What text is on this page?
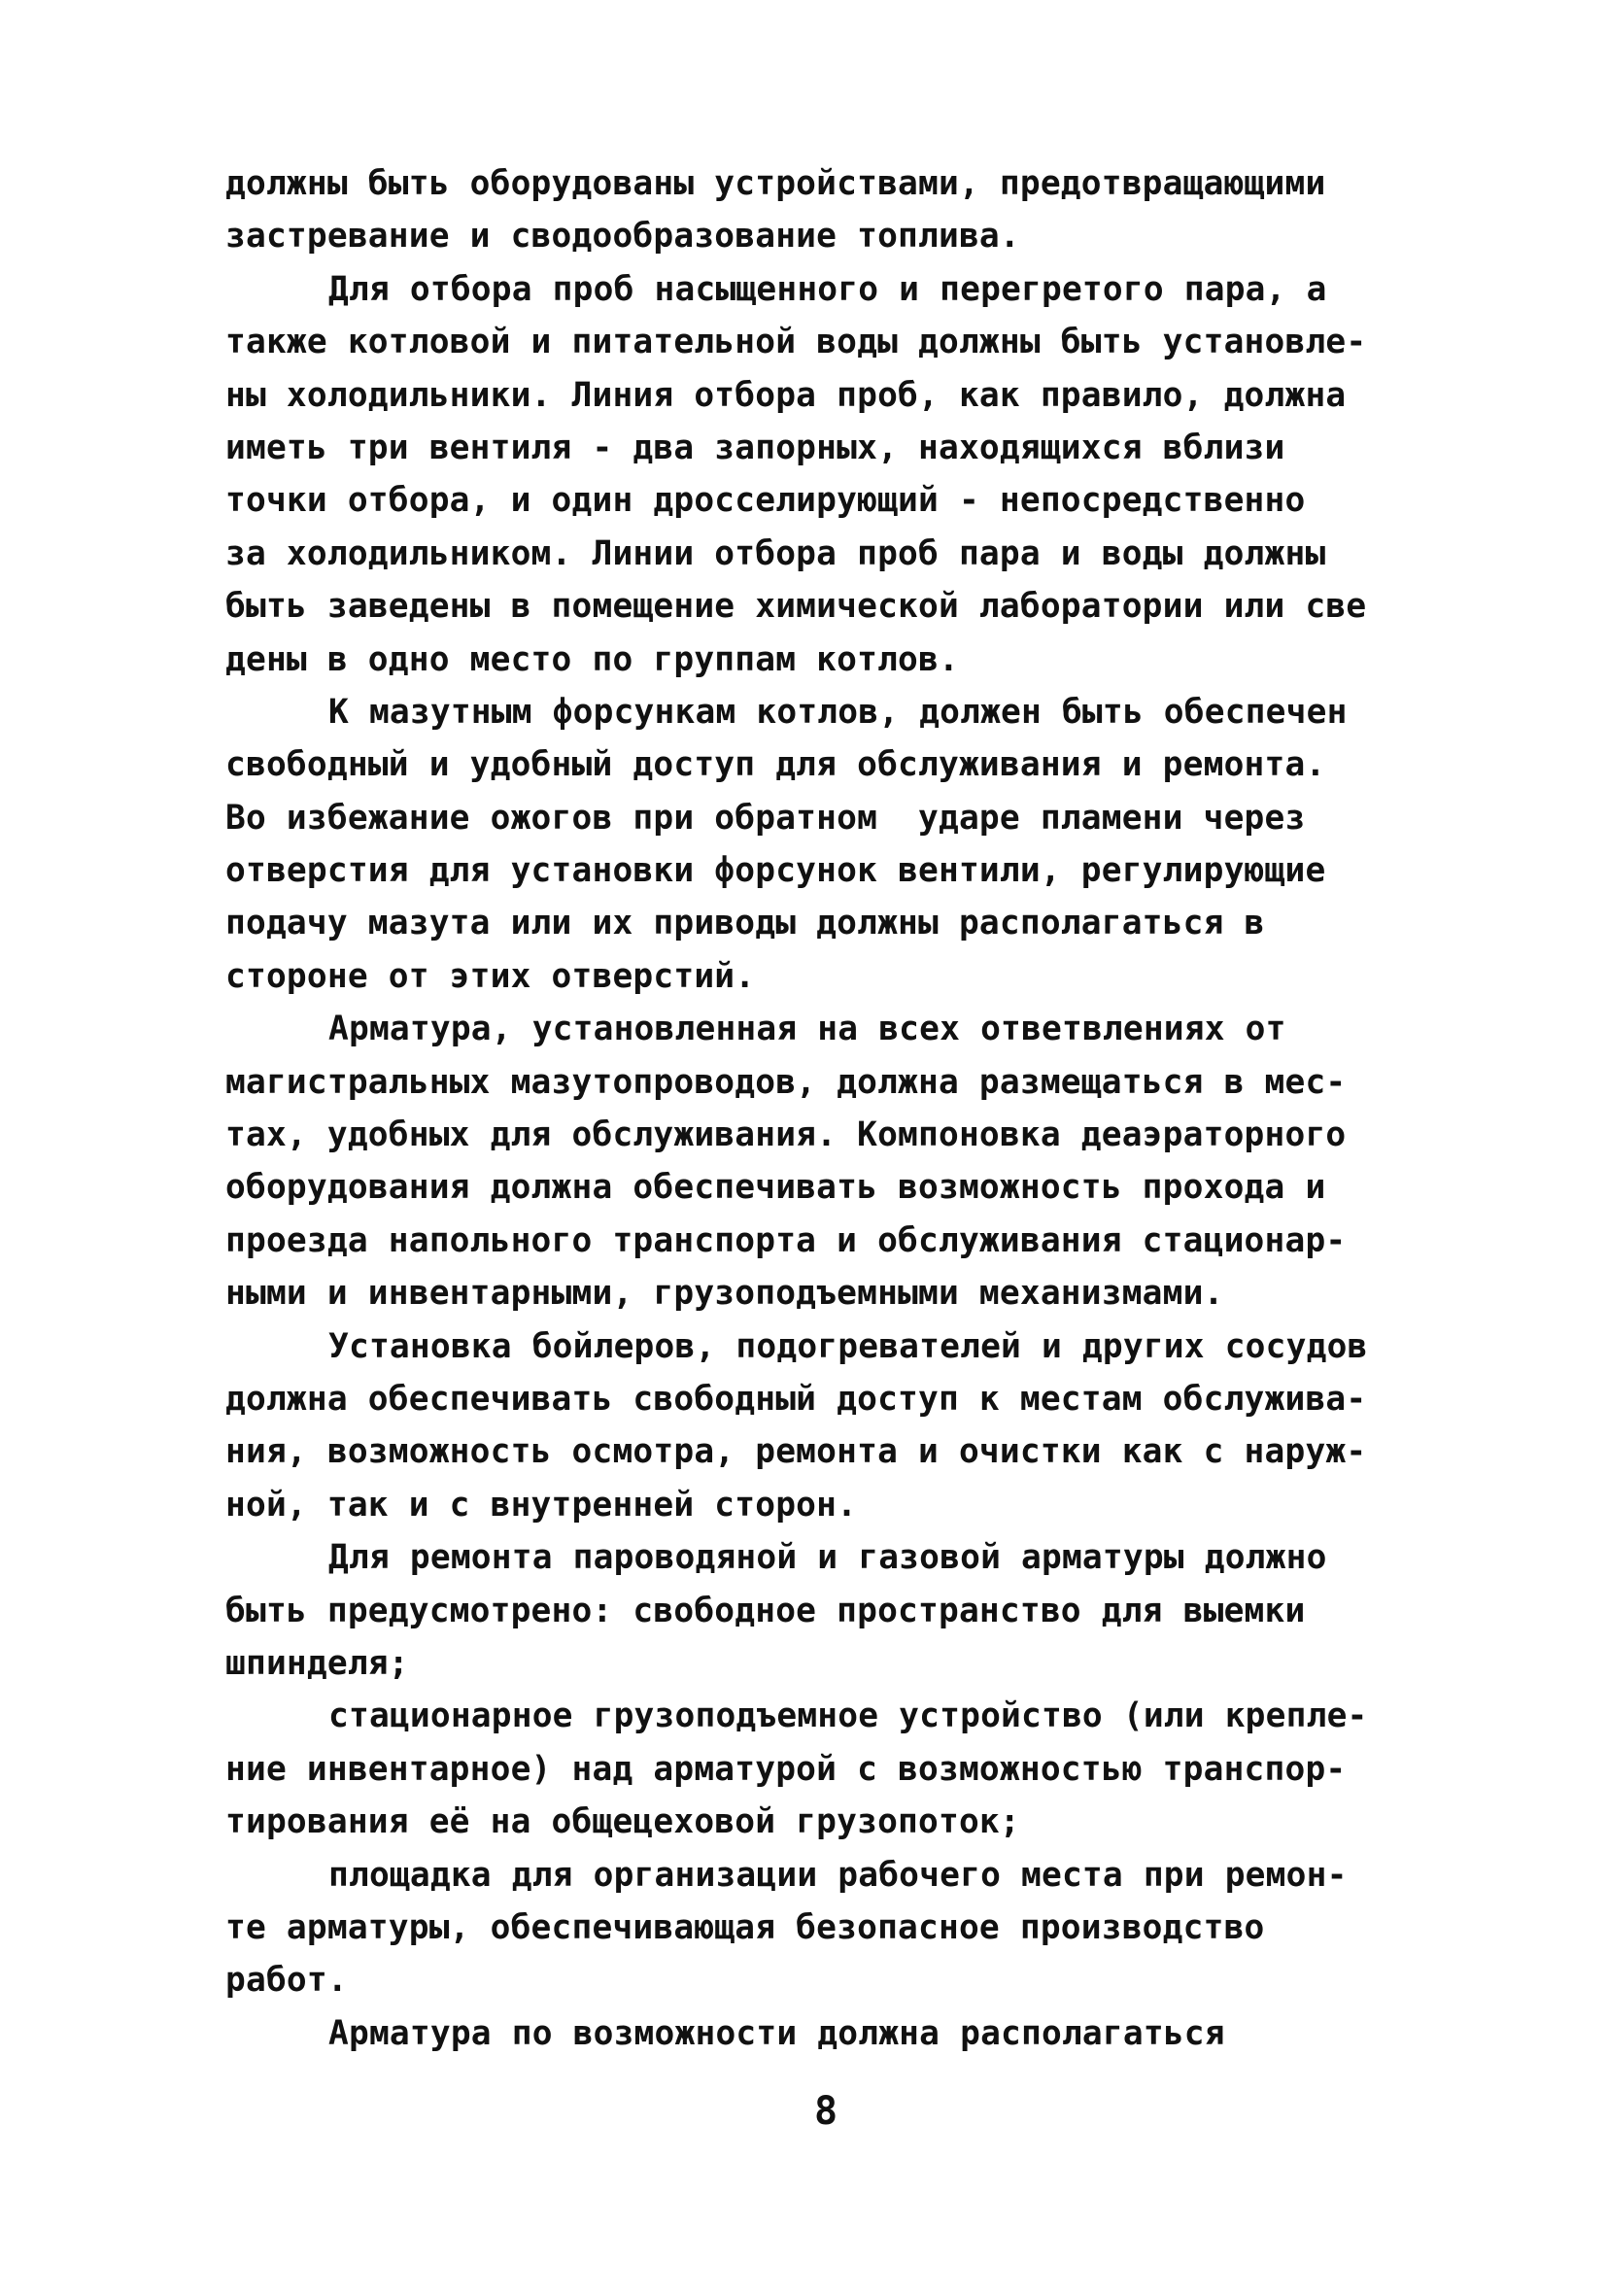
должны быть оборудованы устройствами, предотвращающими
застревание и сводообразование топлива.
Для отбора проб насыщенного и перегретого пара, а
также котловой и питательной воды должны быть установле-
ны холодильники. Линия отбора проб, как правило, должна
иметь три вентиля - два запорных, находящихся вблизи
точки отбора, и один дросселирующий - непосредственно
за холодильником. Линии отбора проб пара и воды должны
быть заведены в помещение химической лаборатории или све
дены в одно место по группам котлов.
К мазутным форсункам котлов, должен быть обеспечен
свободный и удобный доступ для обслуживания и ремонта.
Во избежание ожогов при обратном  ударе пламени через
отверстия для установки форсунок вентили, регулирующие
подачу мазута или их приводы должны располагаться в
стороне от этих отверстий.
Арматура, установленная на всех ответвлениях от
магистральных мазутопроводов, должна размещаться в мес-
тах, удобных для обслуживания. Компоновка деаэраторного
оборудования должна обеспечивать возможность прохода и
проезда напольного транспорта и обслуживания стационар-
ными и инвентарными, грузоподъемными механизмами.
Установка бойлеров, подогревателей и других сосудов
должна обеспечивать свободный доступ к местам обслужива-
ния, возможность осмотра, ремонта и очистки как с наруж-
ной, так и с внутренней сторон.
Для ремонта пароводяной и газовой арматуры должно
быть предусмотрено: свободное пространство для выемки
шпинделя;
стационарное грузоподъемное устройство (или крепле-
ние инвентарное) над арматурой с возможностью транспор-
тирования её на общецеховой грузопоток;
площадка для организации рабочего места при ремон-
те арматуры, обеспечивающая безопасное производство
работ.
Арматура по возможности должна располагаться
8
